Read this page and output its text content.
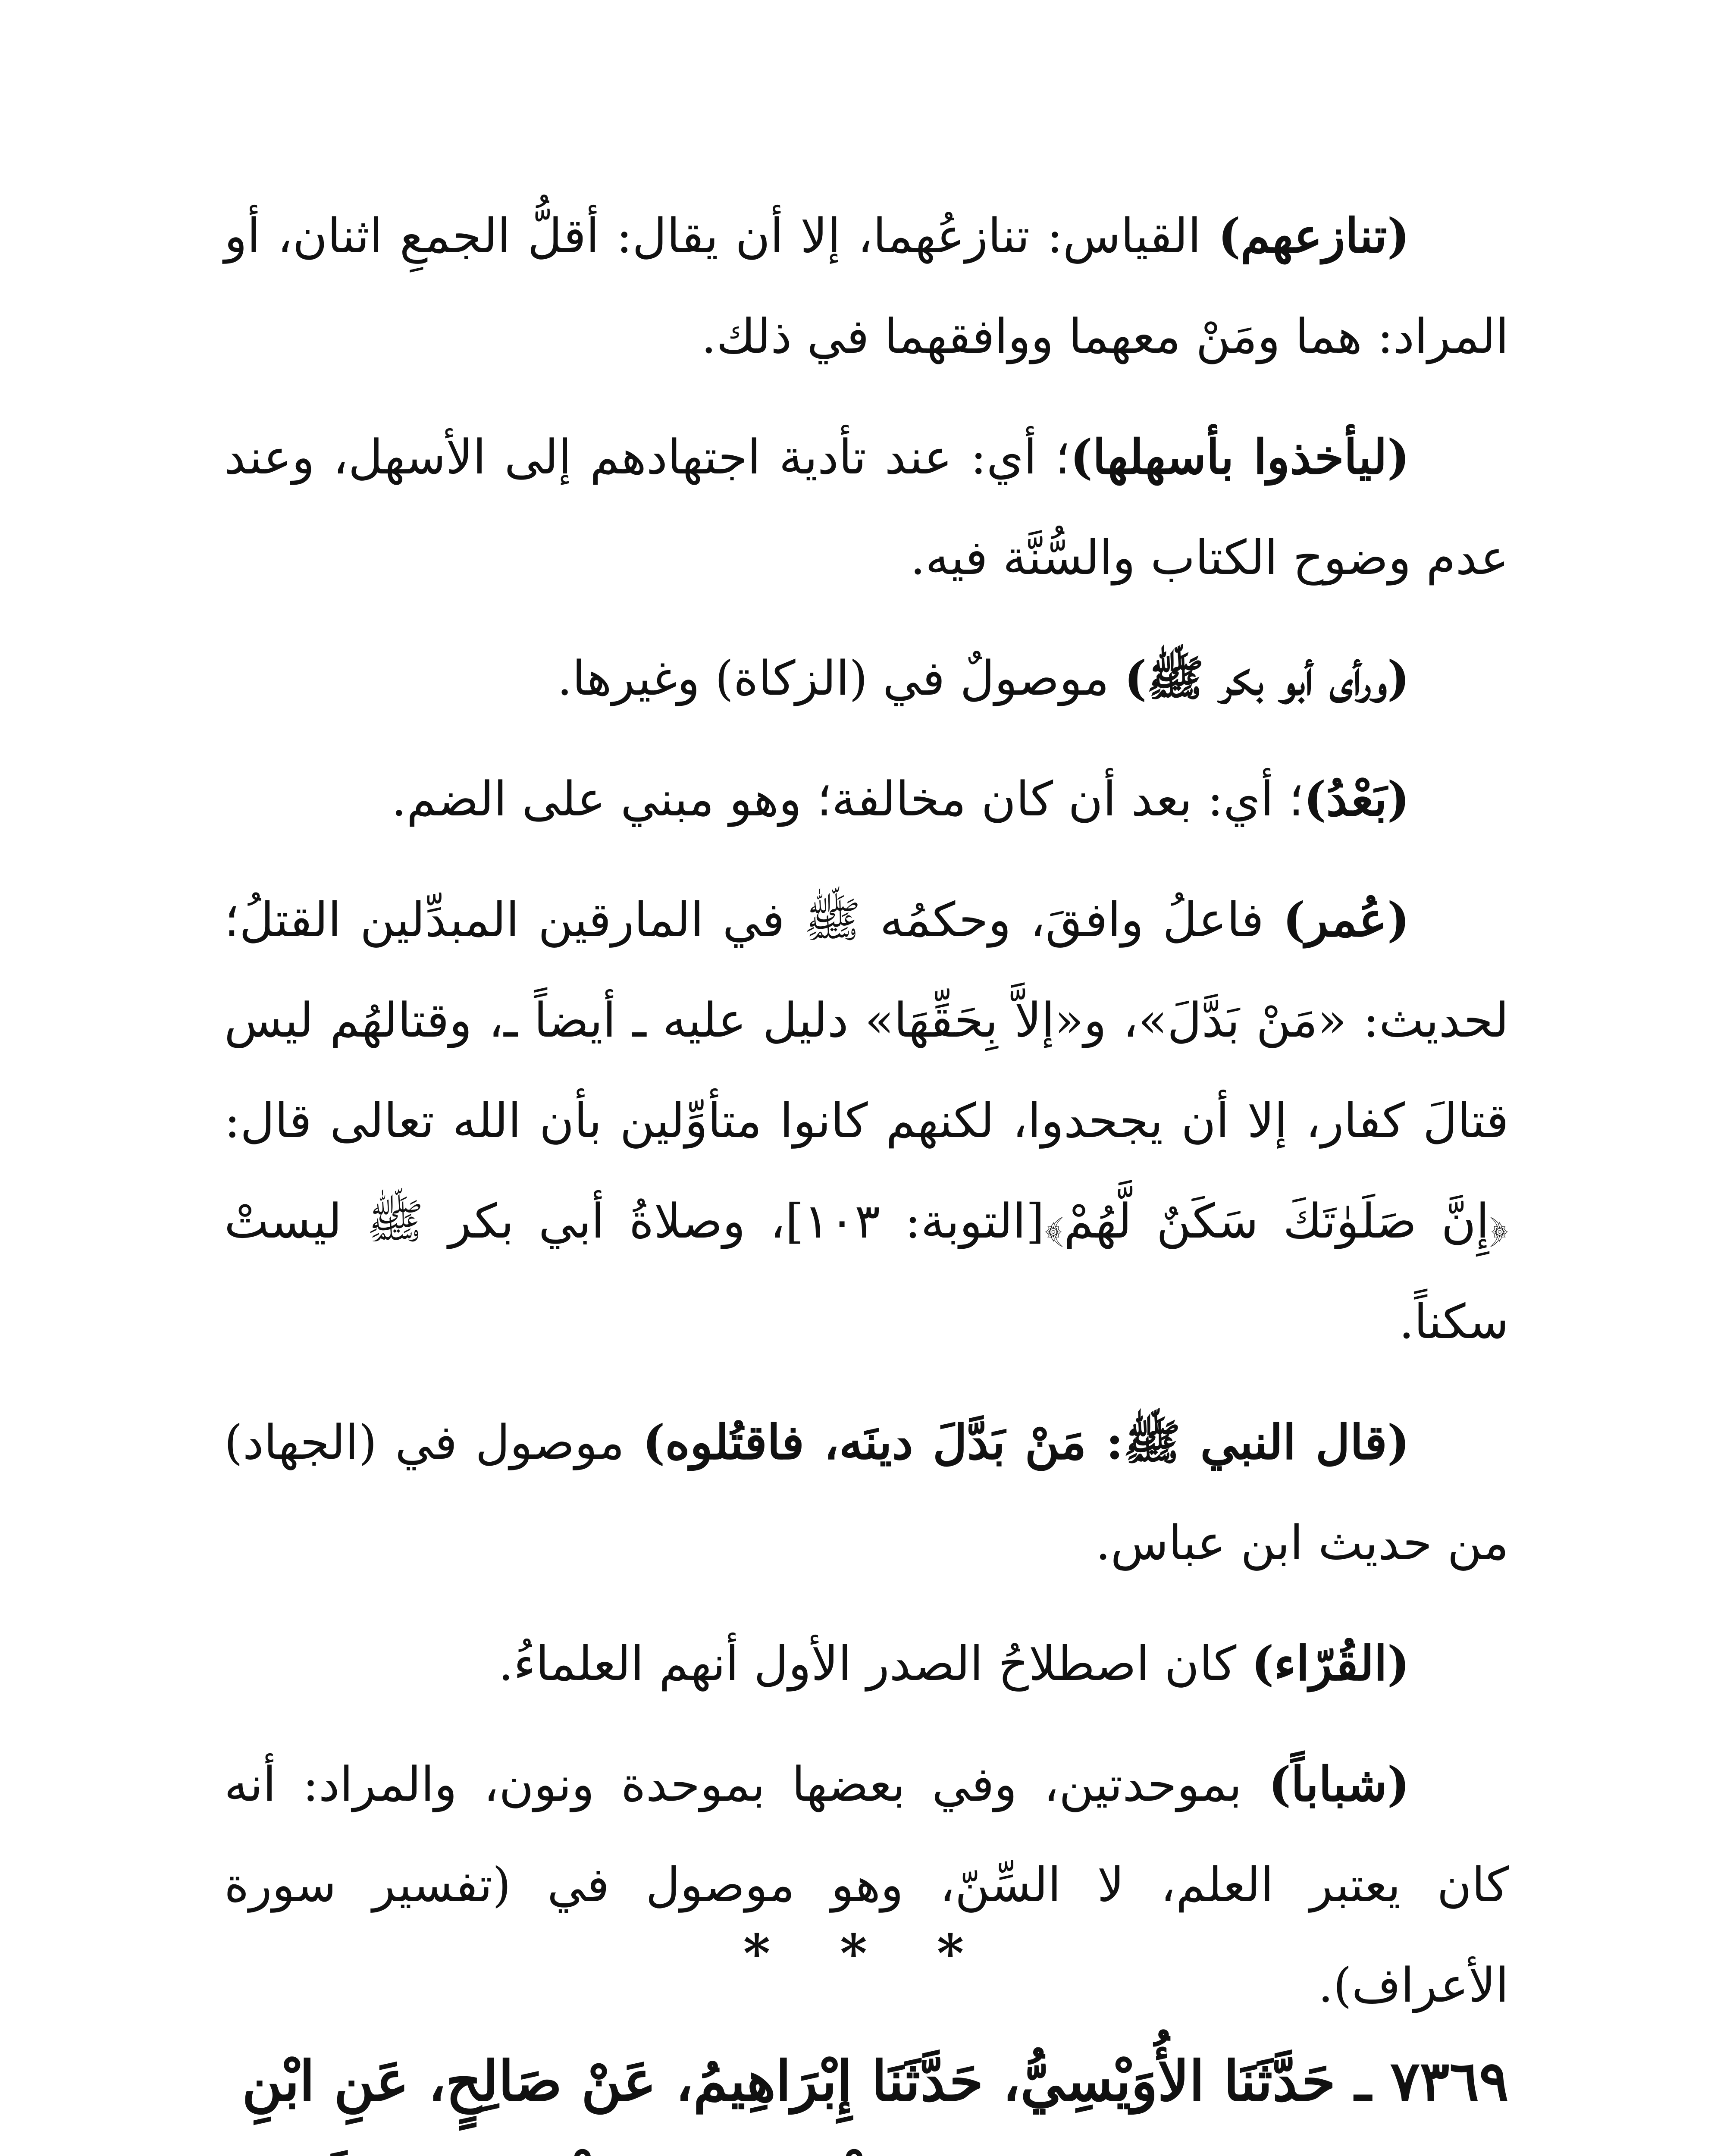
(تنازعهم) القياس: تنازعُهما، إلا أن يقال: أقلُّ الجمعِ اثنان، أو المراد: هما ومَنْ معهما ووافقهما في ذلك.

(ليأخذوا بأسهلها)؛ أي: عند تأدية اجتهادهم إلى الأسهل، وعند عدم وضوح الكتاب والسُّنَّة فيه.

(ورأى أبو بكر ﷺ) موصولٌ في (الزكاة) وغيرها.

(بَعْدُ)؛ أي: بعد أن كان مخالفة؛ وهو مبني على الضم.

(عُمر) فاعلُ وافقَ، وحكمُه ﷺ في المارقين المبدِّلين القتلُ؛ لحديث: «مَنْ بَدَّلَ»، و«إلاَّ بِحَقِّهَا» دليل عليه ـ أيضاً ـ، وقتالهُم ليس قتالَ كفار، إلا أن يجحدوا، لكنهم كانوا متأوِّلين بأن الله تعالى قال: ﴿إِنَّ صَلَوٰتَكَ سَكَنٌ لَّهُمْ﴾[التوبة: ١٠٣]، وصلاةُ أبي بكر ﷺ ليستْ سكناً.

(قال النبي ﷺ: مَنْ بَدَّلَ دينَه، فاقتُلوه) موصول في (الجهاد) من حديث ابن عباس.

(القُرّاء) كان اصطلاحُ الصدر الأول أنهم العلماءُ.

(شباباً) بموحدتين، وفي بعضها بموحدة ونون، والمراد: أنه كان يعتبر العلم، لا السِّنّ، وهو موصول في (تفسير سورة الأعراف).

* * *
٧٣٦٩ ـ حَدَّثَنَا الأُوَيْسِيُّ، حَدَّثَنَا إِبْرَاهِيمُ، عَنْ صَالِحٍ، عَنِ ابْنِ
